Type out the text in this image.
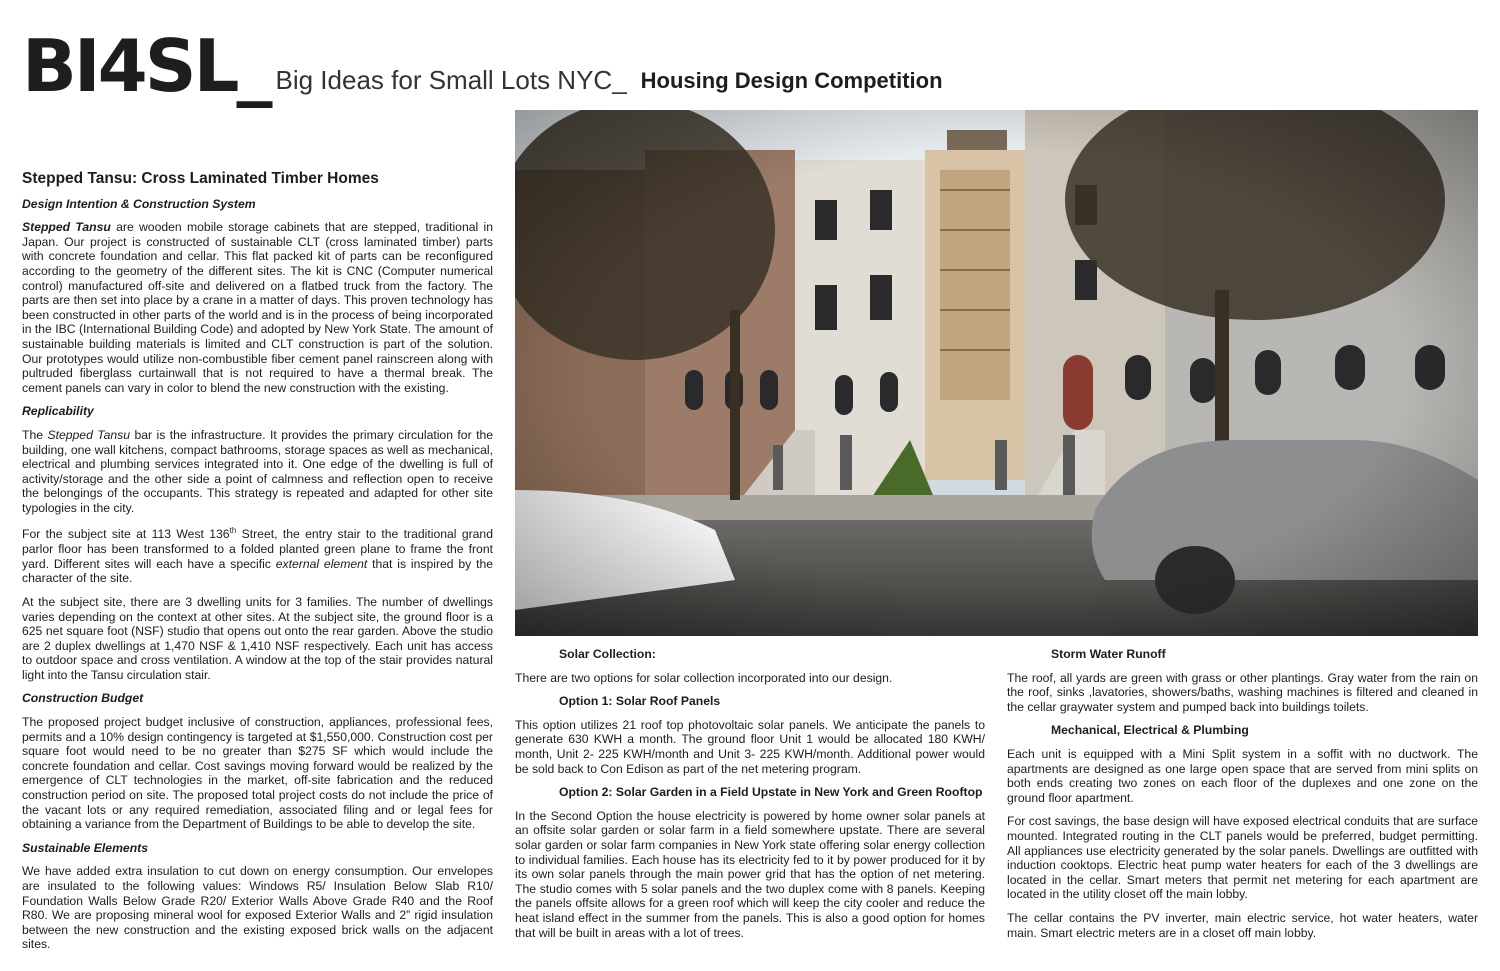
BI4SL_ Big Ideas for Small Lots NYC_ Housing Design Competition
Stepped Tansu: Cross Laminated Timber Homes
Design Intention & Construction System

Stepped Tansu are wooden mobile storage cabinets that are stepped, traditional in Japan. Our project is constructed of sustainable CLT (cross laminated timber) parts with concrete foundation and cellar. This flat packed kit of parts can be reconfigured according to the geometry of the different sites. The kit is CNC (Computer numerical control) manufactured off-site and delivered on a flatbed truck from the factory. The parts are then set into place by a crane in a matter of days. This proven technology has been constructed in other parts of the world and is in the process of being incorporated in the IBC (International Building Code) and adopted by New York State. The amount of sustainable building materials is limited and CLT construction is part of the solution. Our prototypes would utilize non-combustible fiber cement panel rainscreen along with pultruded fiberglass curtainwall that is not required to have a thermal break. The cement panels can vary in color to blend the new construction with the existing.

Replicability

The Stepped Tansu bar is the infrastructure. It provides the primary circulation for the building, one wall kitchens, compact bathrooms, storage spaces as well as mechanical, electrical and plumbing services integrated into it. One edge of the dwelling is full of activity/storage and the other side a point of calmness and reflection open to receive the belongings of the occupants. This strategy is repeated and adapted for other site typologies in the city.

For the subject site at 113 West 136th Street, the entry stair to the traditional grand parlor floor has been transformed to a folded planted green plane to frame the front yard. Different sites will each have a specific external element that is inspired by the character of the site.

At the subject site, there are 3 dwelling units for 3 families. The number of dwellings varies depending on the context at other sites. At the subject site, the ground floor is a 625 net square foot (NSF) studio that opens out onto the rear garden. Above the studio are 2 duplex dwellings at 1,470 NSF & 1,410 NSF respectively. Each unit has access to outdoor space and cross ventilation. A window at the top of the stair provides natural light into the Tansu circulation stair.

Construction Budget

The proposed project budget inclusive of construction, appliances, professional fees, permits and a 10% design contingency is targeted at $1,550,000. Construction cost per square foot would need to be no greater than $275 SF which would include the concrete foundation and cellar. Cost savings moving forward would be realized by the emergence of CLT technologies in the market, off-site fabrication and the reduced construction period on site. The proposed total project costs do not include the price of the vacant lots or any required remediation, associated filing and or legal fees for obtaining a variance from the Department of Buildings to be able to develop the site.

Sustainable Elements

We have added extra insulation to cut down on energy consumption. Our envelopes are insulated to the following values: Windows R5/ Insulation Below Slab R10/ Foundation Walls Below Grade R20/ Exterior Walls Above Grade R40 and the Roof R80. We are proposing mineral wool for exposed Exterior Walls and 2” rigid insulation between the new construction and the existing exposed brick walls on the adjacent sites.

Solar Collection:

There are two options for solar collection incorporated into our design.

Option 1: Solar Roof Panels

This option utilizes 21 roof top photovoltaic solar panels. We anticipate the panels to generate 630 KWH a month. The ground floor Unit 1 would be allocated 180 KWH/ month, Unit 2- 225 KWH/month and Unit 3- 225 KWH/month. Additional power would be sold back to Con Edison as part of the net metering program.

Option 2: Solar Garden in a Field Upstate in New York and Green Rooftop

In the Second Option the house electricity is powered by home owner solar panels at an offsite solar garden or solar farm in a field somewhere upstate. There are several solar garden or solar farm companies in New York state offering solar energy collection to individual families. Each house has its electricity fed to it by power produced for it by its own solar panels through the main power grid that has the option of net metering. The studio comes with 5 solar panels and the two duplex come with 8 panels. Keeping the panels offsite allows for a green roof which will keep the city cooler and reduce the heat island effect in the summer from the panels. This is also a good option for homes that will be built in areas with a lot of trees.

Storm Water Runoff

The roof, all yards are green with grass or other plantings. Gray water from the rain on the roof, sinks ,lavatories, showers/baths, washing machines is filtered and cleaned in the cellar graywater system and pumped back into buildings toilets.

Mechanical, Electrical & Plumbing

Each unit is equipped with a Mini Split system in a soffit with no ductwork. The apartments are designed as one large open space that are served from mini splits on both ends creating two zones on each floor of the duplexes and one zone on the ground floor apartment.

For cost savings, the base design will have exposed electrical conduits that are surface mounted. Integrated routing in the CLT panels would be preferred, budget permitting. All appliances use electricity generated by the solar panels. Dwellings are outfitted with induction cooktops. Electric heat pump water heaters for each of the 3 dwellings are located in the cellar. Smart meters that permit net metering for each apartment are located in the utility closet off the main lobby.

The cellar contains the PV inverter, main electric service, hot water heaters, water main. Smart electric meters are in a closet off main lobby.
